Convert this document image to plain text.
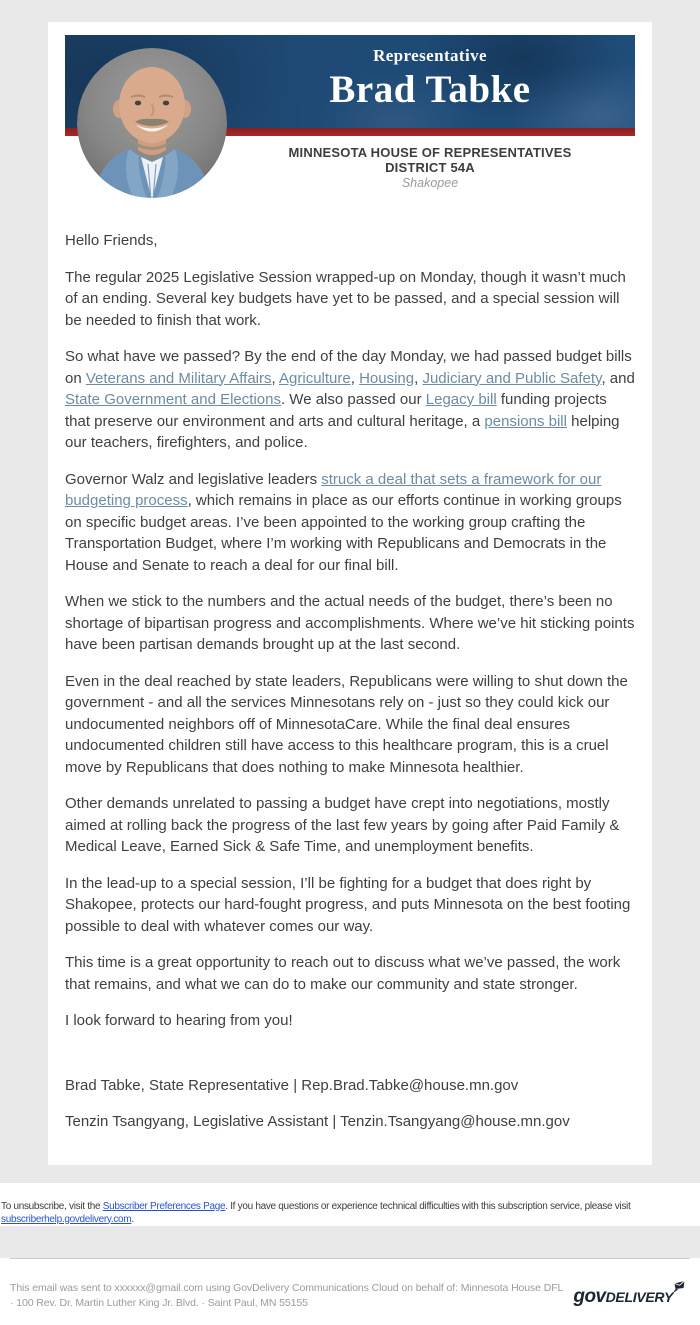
Representative
Brad Tabke
MINNESOTA HOUSE OF REPRESENTATIVES
DISTRICT 54A
Shakopee

Hello Friends,

The regular 2025 Legislative Session wrapped-up on Monday, though it wasn’t much of an ending. Several key budgets have yet to be passed, and a special session will be needed to finish that work.

So what have we passed? By the end of the day Monday, we had passed budget bills on Veterans and Military Affairs, Agriculture, Housing, Judiciary and Public Safety, and State Government and Elections. We also passed our Legacy bill funding projects that preserve our environment and arts and cultural heritage, a pensions bill helping our teachers, firefighters, and police.

Governor Walz and legislative leaders struck a deal that sets a framework for our budgeting process, which remains in place as our efforts continue in working groups on specific budget areas. I’ve been appointed to the working group crafting the Transportation Budget, where I’m working with Republicans and Democrats in the House and Senate to reach a deal for our final bill.

When we stick to the numbers and the actual needs of the budget, there’s been no shortage of bipartisan progress and accomplishments. Where we’ve hit sticking points have been partisan demands brought up at the last second.

Even in the deal reached by state leaders, Republicans were willing to shut down the government - and all the services Minnesotans rely on - just so they could kick our undocumented neighbors off of MinnesotaCare. While the final deal ensures undocumented children still have access to this healthcare program, this is a cruel move by Republicans that does nothing to make Minnesota healthier.

Other demands unrelated to passing a budget have crept into negotiations, mostly aimed at rolling back the progress of the last few years by going after Paid Family & Medical Leave, Earned Sick & Safe Time, and unemployment benefits.

In the lead-up to a special session, I’ll be fighting for a budget that does right by Shakopee, protects our hard-fought progress, and puts Minnesota on the best footing possible to deal with whatever comes our way.

This time is a great opportunity to reach out to discuss what we’ve passed, the work that remains, and what we can do to make our community and state stronger.

I look forward to hearing from you!

Brad Tabke, State Representative | Rep.Brad.Tabke@house.mn.gov

Tenzin Tsangyang, Legislative Assistant | Tenzin.Tsangyang@house.mn.gov

To unsubscribe, visit the Subscriber Preferences Page. If you have questions or experience technical difficulties with this subscription service, please visit
subscriberhelp.govdelivery.com.
This email was sent to xxxxxx@gmail.com using GovDelivery Communications Cloud on behalf of: Minnesota House DFL · 100 Rev. Dr. Martin Luther King Jr. Blvd. · Saint Paul, MN 55155	govDELIVERY
